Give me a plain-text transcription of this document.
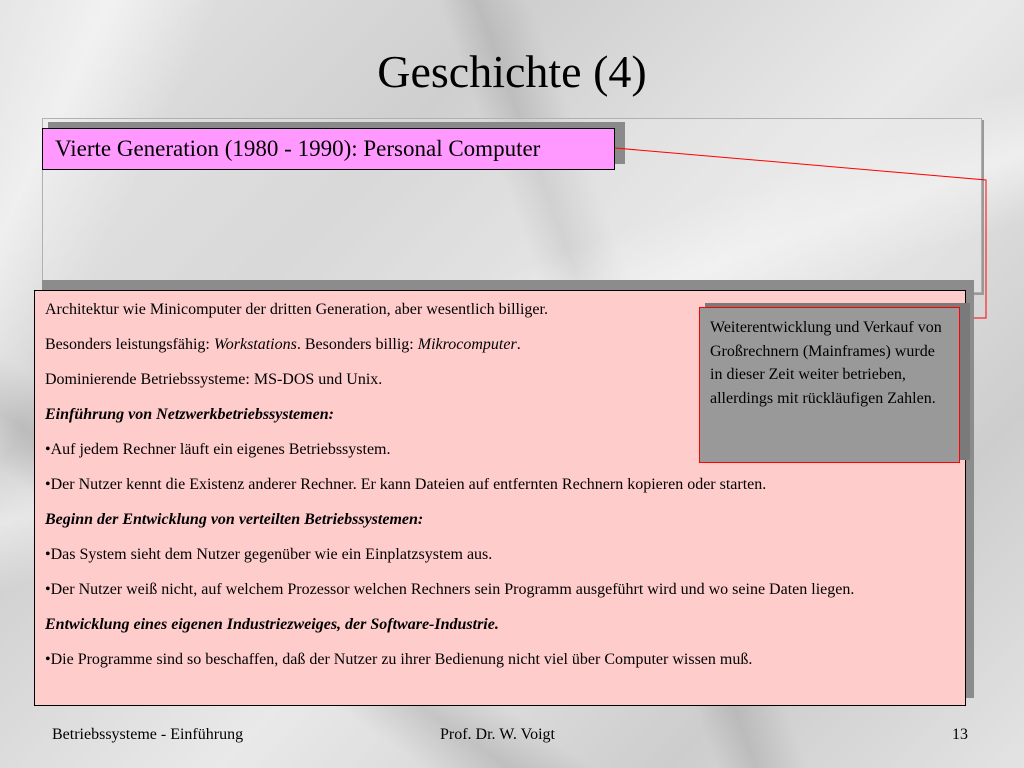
Geschichte (4)
Vierte Generation (1980 - 1990): Personal Computer

Architektur wie Minicomputer der dritten Generation, aber wesentlich billiger.

Besonders leistungsfähig: Workstations. Besonders billig: Mikrocomputer.

Dominierende Betriebssysteme: MS-DOS und Unix.

Einführung von Netzwerkbetriebssystemen:

•Auf jedem Rechner läuft ein eigenes Betriebssystem.

•Der Nutzer kennt die Existenz anderer Rechner. Er kann Dateien auf entfernten Rechnern kopieren oder starten.

Beginn der Entwicklung von verteilten Betriebssystemen:

•Das System sieht dem Nutzer gegenüber wie ein Einplatzsystem aus.

•Der Nutzer weiß nicht, auf welchem Prozessor welchen Rechners sein Programm ausgeführt wird und wo seine Daten liegen.

Entwicklung eines eigenen Industriezweiges, der Software-Industrie.

•Die Programme sind so beschaffen, daß der Nutzer zu ihrer Bedienung nicht viel über Computer wissen muß.

Weiterentwicklung und Verkauf von Großrechnern (Mainframes) wurde in dieser Zeit weiter betrieben, allerdings mit rückläufigen Zahlen.
Betriebssysteme - Einführung	Prof. Dr. W. Voigt	13
